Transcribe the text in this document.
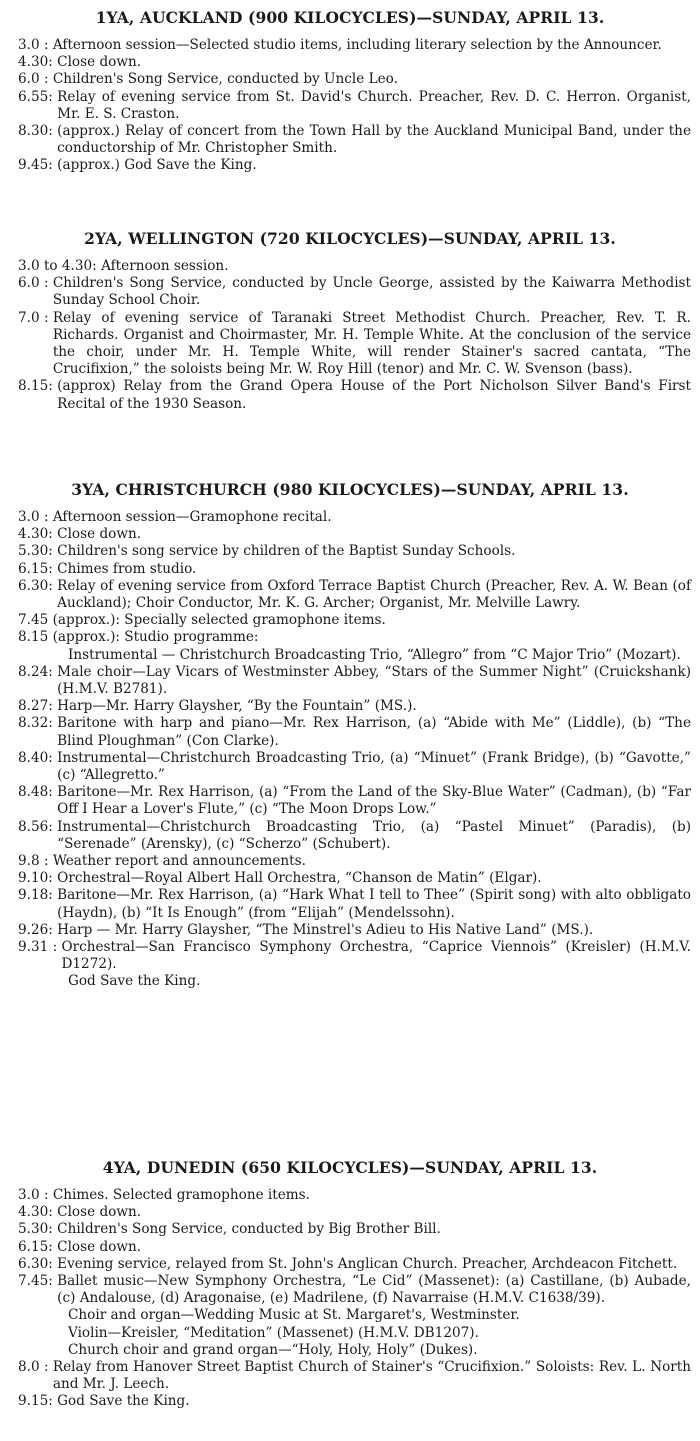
1YA, AUCKLAND (900 KILOCYCLES)—SUNDAY, APRIL 13.
3.0 : Afternoon session—Selected studio items, including literary selection by the Announcer.
4.30: Close down.
6.0 : Children's Song Service, conducted by Uncle Leo.
6.55: Relay of evening service from St. David's Church. Preacher, Rev. D. C. Herron. Organist, Mr. E. S. Craston.
8.30: (approx.) Relay of concert from the Town Hall by the Auckland Municipal Band, under the conductorship of Mr. Christopher Smith.
9.45: (approx.) God Save the King.
2YA, WELLINGTON (720 KILOCYCLES)—SUNDAY, APRIL 13.
3.0 to 4.30: Afternoon session.
6.0 : Children's Song Service, conducted by Uncle George, assisted by the Kaiwarra Methodist Sunday School Choir.
7.0 : Relay of evening service of Taranaki Street Methodist Church. Preacher, Rev. T. R. Richards. Organist and Choirmaster, Mr. H. Temple White. At the conclusion of the service the choir, under Mr. H. Temple White, will render Stainer's sacred cantata, “The Crucifixion,” the soloists being Mr. W. Roy Hill (tenor) and Mr. C. W. Svenson (bass).
8.15: (approx) Relay from the Grand Opera House of the Port Nicholson Silver Band's First Recital of the 1930 Season.
3YA, CHRISTCHURCH (980 KILOCYCLES)—SUNDAY, APRIL 13.
3.0 : Afternoon session—Gramophone recital.
4.30: Close down.
5.30: Children's song service by children of the Baptist Sunday Schools.
6.15: Chimes from studio.
6.30: Relay of evening service from Oxford Terrace Baptist Church (Preacher, Rev. A. W. Bean (of Auckland); Choir Conductor, Mr. K. G. Archer; Organist, Mr. Melville Lawry.
7.45 (approx.): Specially selected gramophone items.
8.15 (approx.): Studio programme:
Instrumental — Christchurch Broadcasting Trio, “Allegro” from “C Major Trio” (Mozart).
8.24: Male choir—Lay Vicars of Westminster Abbey, “Stars of the Summer Night” (Cruickshank) (H.M.V. B2781).
8.27: Harp—Mr. Harry Glaysher, “By the Fountain” (MS.).
8.32: Baritone with harp and piano—Mr. Rex Harrison, (a) “Abide with Me” (Liddle), (b) “The Blind Ploughman” (Con Clarke).
8.40: Instrumental—Christchurch Broadcasting Trio, (a) “Minuet” (Frank Bridge), (b) “Gavotte,” (c) “Allegretto.”
8.48: Baritone—Mr. Rex Harrison, (a) “From the Land of the Sky-Blue Water” (Cadman), (b) “Far Off I Hear a Lover's Flute,” (c) “The Moon Drops Low.”
8.56: Instrumental—Christchurch Broadcasting Trio, (a) “Pastel Minuet” (Paradis), (b) “Serenade” (Arensky), (c) “Scherzo” (Schubert).
9.8 : Weather report and announcements.
9.10: Orchestral—Royal Albert Hall Orchestra, “Chanson de Matin” (Elgar).
9.18: Baritone—Mr. Rex Harrison, (a) “Hark What I tell to Thee” (Spirit song) with alto obbligato (Haydn), (b) “It Is Enough” (from “Elijah” (Mendelssohn).
9.26: Harp — Mr. Harry Glaysher, “The Minstrel's Adieu to His Native Land” (MS.).
9.31 : Orchestral—San Francisco Symphony Orchestra, “Caprice Viennois” (Kreisler) (H.M.V. D1272).
God Save the King.
4YA, DUNEDIN (650 KILOCYCLES)—SUNDAY, APRIL 13.
3.0 : Chimes. Selected gramophone items.
4.30: Close down.
5.30: Children's Song Service, conducted by Big Brother Bill.
6.15: Close down.
6.30: Evening service, relayed from St. John's Anglican Church. Preacher, Archdeacon Fitchett.
7.45: Ballet music—New Symphony Orchestra, “Le Cid” (Massenet): (a) Castillane, (b) Aubade, (c) Andalouse, (d) Aragonaise, (e) Madrilene, (f) Navarraise (H.M.V. C1638/39).
Choir and organ—Wedding Music at St. Margaret's, Westminster.
Violin—Kreisler, “Meditation” (Massenet) (H.M.V. DB1207).
Church choir and grand organ—“Holy, Holy, Holy” (Dukes).
8.0 : Relay from Hanover Street Baptist Church of Stainer's “Crucifixion.” Soloists: Rev. L. North and Mr. J. Leech.
9.15: God Save the King.
